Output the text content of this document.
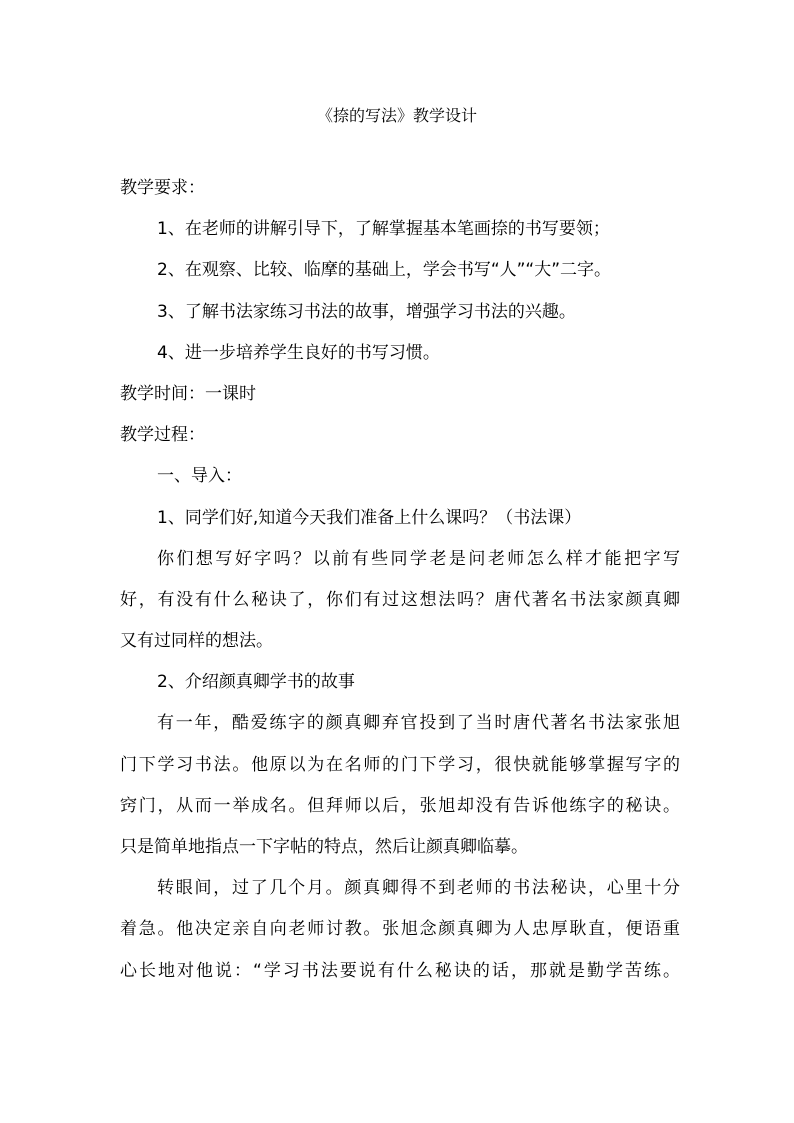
《捺的写法》教学设计
教学要求：
1、在老师的讲解引导下，了解掌握基本笔画捺的书写要领；
2、在观察、比较、临摩的基础上，学会书写“人”“大”二字。
3、了解书法家练习书法的故事，增强学习书法的兴趣。
4、进一步培养学生良好的书写习惯。
教学时间：一课时
教学过程：
一、导入：
1、同学们好,知道今天我们准备上什么课吗？（书法课）
你们想写好字吗？以前有些同学老是问老师怎么样才能把字写
好，有没有什么秘诀了，你们有过这想法吗？唐代著名书法家颜真卿
又有过同样的想法。
2、介绍颜真卿学书的故事
有一年，酷爱练字的颜真卿弃官投到了当时唐代著名书法家张旭
门下学习书法。他原以为在名师的门下学习，很快就能够掌握写字的
窍门，从而一举成名。但拜师以后，张旭却没有告诉他练字的秘诀。
只是简单地指点一下字帖的特点，然后让颜真卿临摹。
转眼间，过了几个月。颜真卿得不到老师的书法秘诀，心里十分
着急。他决定亲自向老师讨教。张旭念颜真卿为人忠厚耿直，便语重
心长地对他说：“学习书法要说有什么秘诀的话，那就是勤学苦练。
